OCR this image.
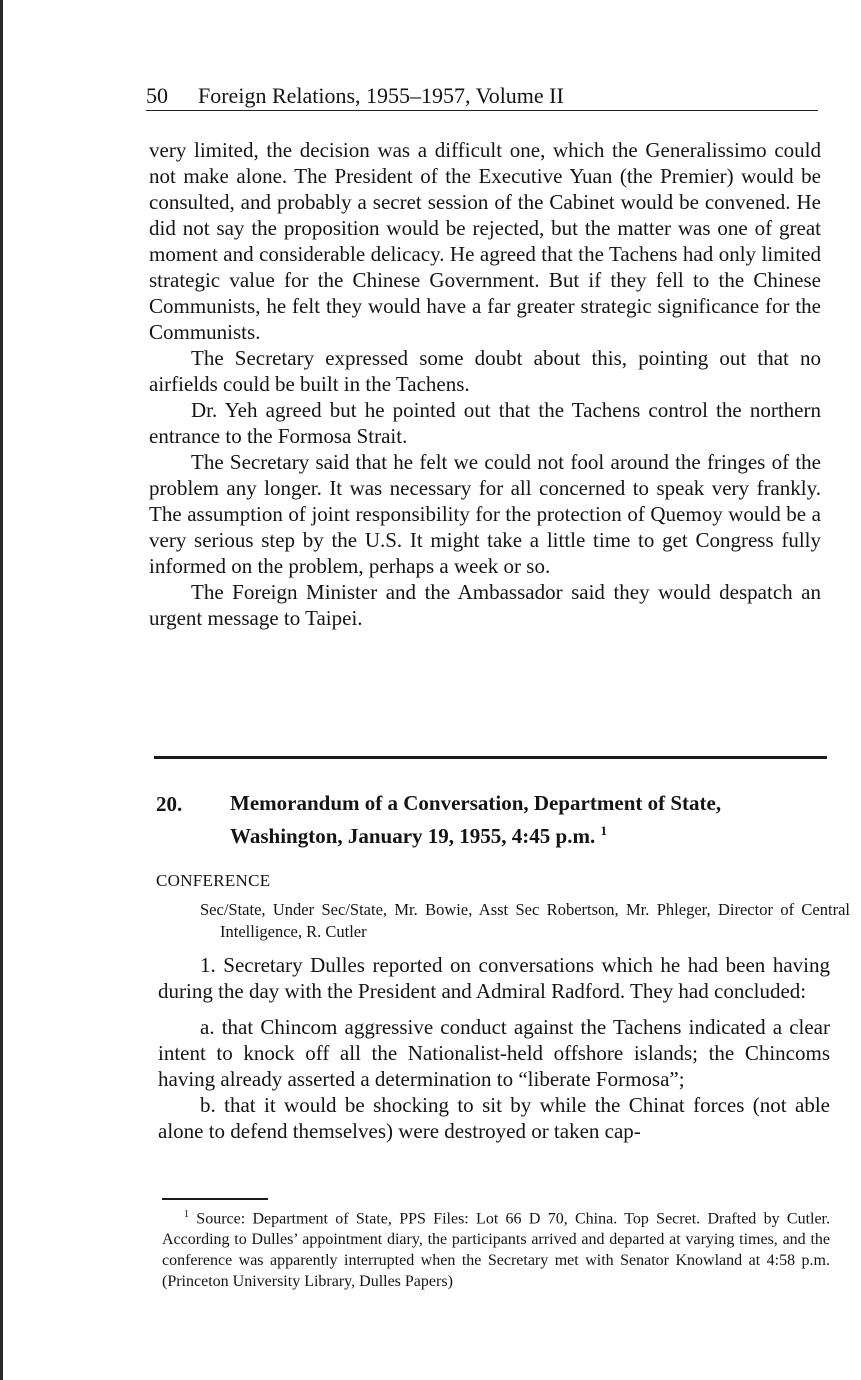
50 Foreign Relations, 1955–1957, Volume II

very limited, the decision was a difficult one, which the Generalissimo could not make alone. The President of the Executive Yuan (the Premier) would be consulted, and probably a secret session of the Cabinet would be convened. He did not say the proposition would be rejected, but the matter was one of great moment and considerable delicacy. He agreed that the Tachens had only limited strategic value for the Chinese Government. But if they fell to the Chinese Communists, he felt they would have a far greater strategic significance for the Communists.

The Secretary expressed some doubt about this, pointing out that no airfields could be built in the Tachens.

Dr. Yeh agreed but he pointed out that the Tachens control the northern entrance to the Formosa Strait.

The Secretary said that he felt we could not fool around the fringes of the problem any longer. It was necessary for all concerned to speak very frankly. The assumption of joint responsibility for the protection of Quemoy would be a very serious step by the U.S. It might take a little time to get Congress fully informed on the problem, perhaps a week or so.

The Foreign Minister and the Ambassador said they would despatch an urgent message to Taipei.

20. Memorandum of a Conversation, Department of State, Washington, January 19, 1955, 4:45 p.m. $^1$
CONFERENCE
Sec/State, Under Sec/State, Mr. Bowie, Asst Sec Robertson, Mr. Phleger, Director of Central Intelligence, R. Cutler

1. Secretary Dulles reported on conversations which he had been having during the day with the President and Admiral Radford. They had concluded:

a. that Chincom aggressive conduct against the Tachens indicated a clear intent to knock off all the Nationalist-held offshore islands; the Chincoms having already asserted a determination to “liberate Formosa”;

b. that it would be shocking to sit by while the Chinat forces (not able alone to defend themselves) were destroyed or taken cap-

$^1$ Source: Department of State, PPS Files: Lot 66 D 70, China. Top Secret. Drafted by Cutler. According to Dulles’ appointment diary, the participants arrived and departed at varying times, and the conference was apparently interrupted when the Secretary met with Senator Knowland at 4:58 p.m. (Princeton University Library, Dulles Papers)
